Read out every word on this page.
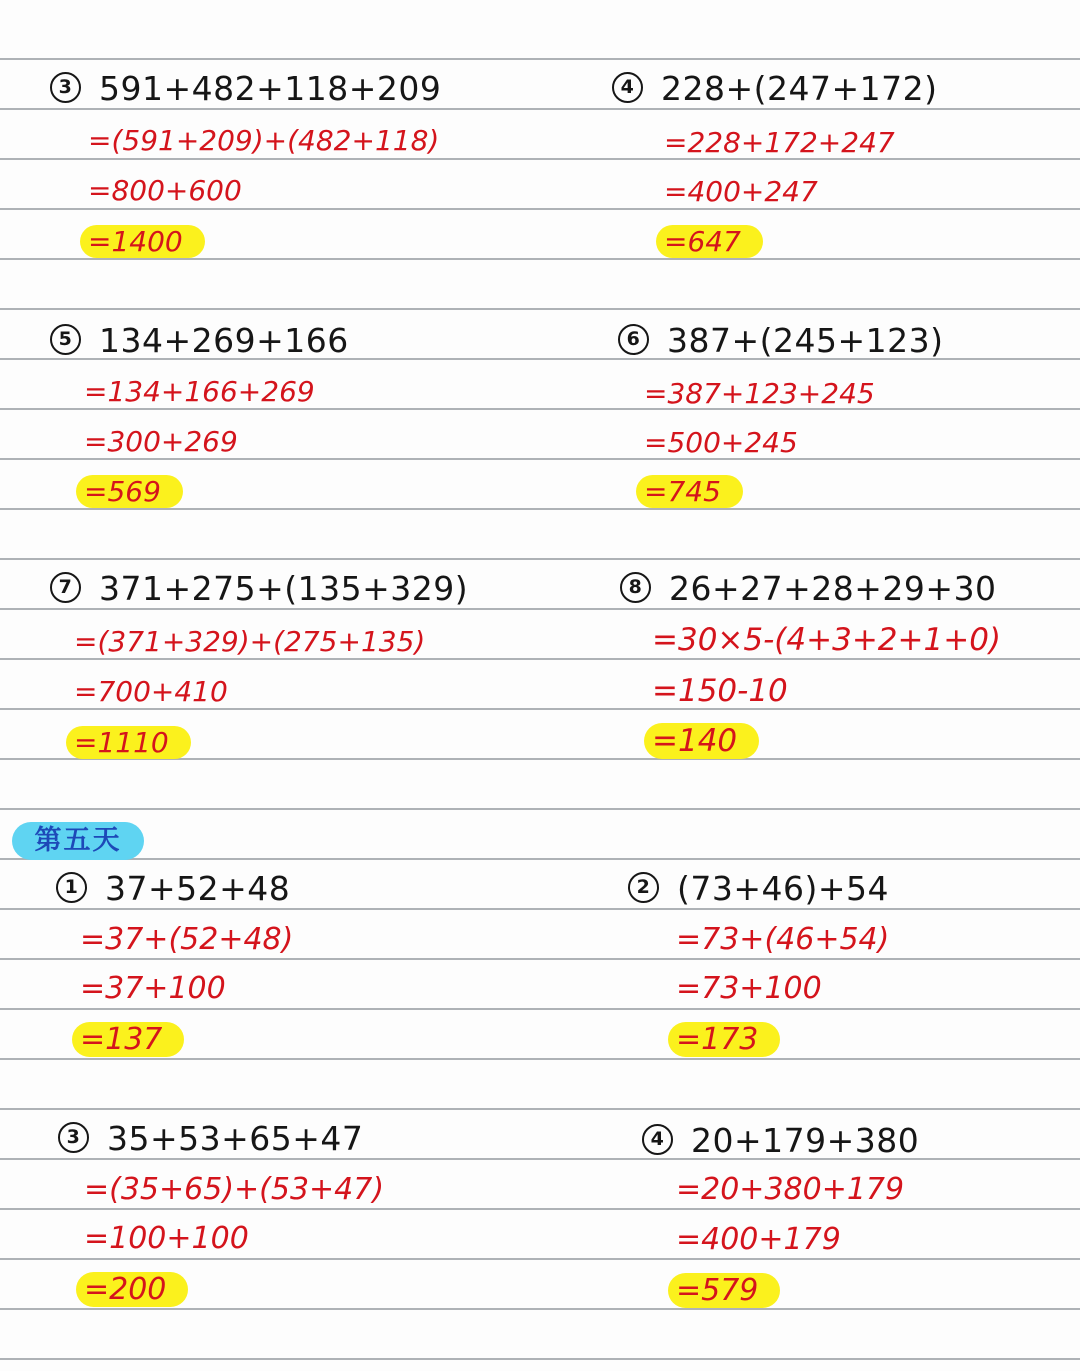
3 591+482+118+209
=(591+209)+(482+118)
=800+600
=1400
4 228+(247+172)
=228+172+247
=400+247
=647
5 134+269+166
=134+166+269
=300+269
=569
6 387+(245+123)
=387+123+245
=500+245
=745
7 371+275+(135+329)
=(371+329)+(275+135)
=700+410
=1110
8 26+27+28+29+30
=30×5-(4+3+2+1+0)
=150-10
=140
第五天
1 37+52+48
=37+(52+48)
=37+100
=137
2 (73+46)+54
=73+(46+54)
=73+100
=173
3 35+53+65+47
=(35+65)+(53+47)
=100+100
=200
4 20+179+380
=20+380+179
=400+179
=579
